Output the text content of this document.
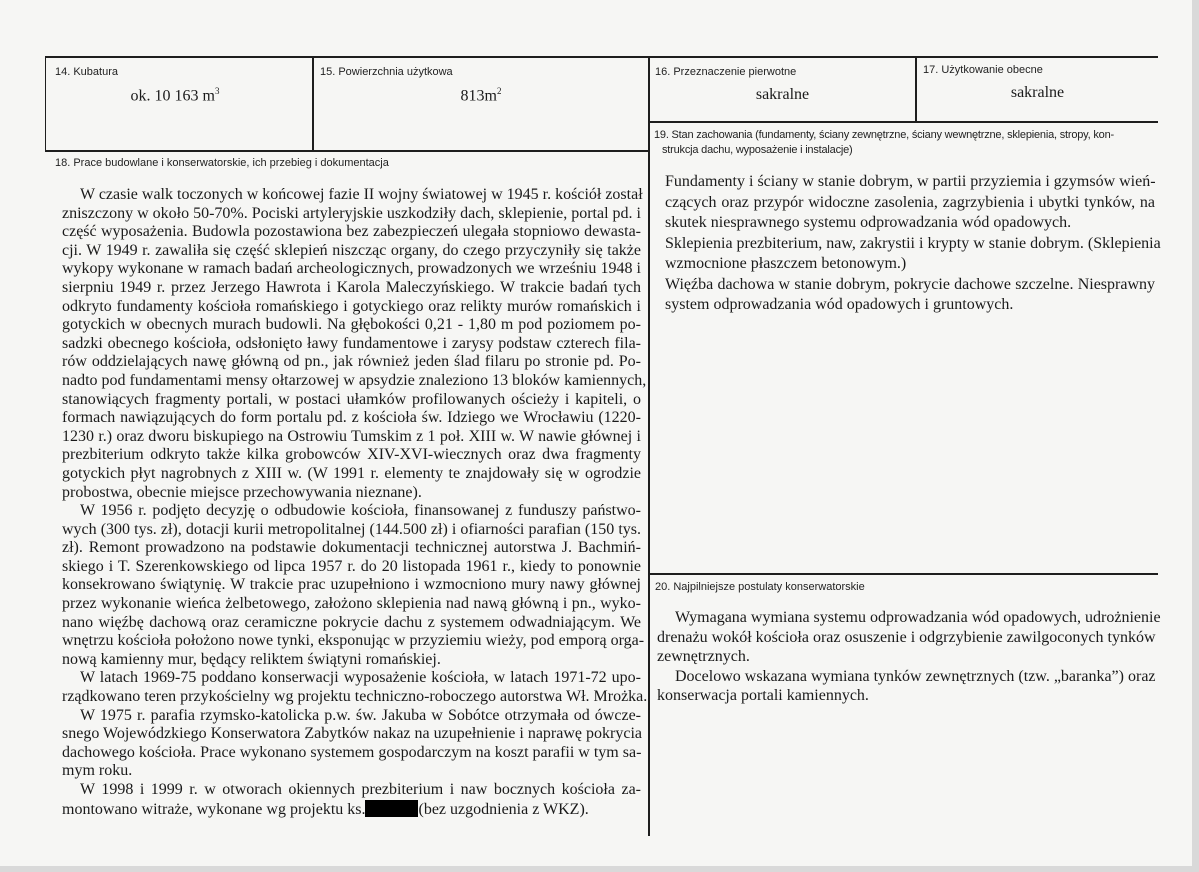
14. Kubatura
ok. 10 163 $m^3$
15. Powierzchnia użytkowa
$813m^2$
16. Przeznaczenie pierwotne
sakralne
17. Użytkowanie obecne
sakralne
18. Prace budowlane i konserwatorskie, ich przebieg i dokumentacja
W czasie walk toczonych w końcowej fazie II wojny światowej w 1945 r. kościół został
zniszczony w około 50-70%. Pociski artyleryjskie uszkodziły dach, sklepienie, portal pd. i
część wyposażenia. Budowla pozostawiona bez zabezpieczeń ulegała stopniowo dewasta-
cji. W 1949 r. zawaliła się część sklepień niszcząc organy, do czego przyczyniły się także
wykopy wykonane w ramach badań archeologicznych, prowadzonych we wrześniu 1948 i
sierpniu 1949 r. przez Jerzego Hawrota i Karola Maleczyńskiego. W trakcie badań tych
odkryto fundamenty kościoła romańskiego i gotyckiego oraz relikty murów romańskich i
gotyckich w obecnych murach budowli. Na głębokości 0,21 - 1,80 m pod poziomem po-
sadzki obecnego kościoła, odsłonięto ławy fundamentowe i zarysy podstaw czterech fila-
rów oddzielających nawę główną od pn., jak również jeden ślad filaru po stronie pd. Po-
nadto pod fundamentami mensy ołtarzowej w apsydzie znaleziono 13 bloków kamiennych,
stanowiących fragmenty portali, w postaci ułamków profilowanych ościeży i kapiteli, o
formach nawiązujących do form portalu pd. z kościoła św. Idziego we Wrocławiu (1220-
1230 r.) oraz dworu biskupiego na Ostrowiu Tumskim z 1 poł. XIII w. W nawie głównej i
prezbiterium odkryto także kilka grobowców XIV-XVI-wiecznych oraz dwa fragmenty
gotyckich płyt nagrobnych z XIII w. (W 1991 r. elementy te znajdowały się w ogrodzie
probostwa, obecnie miejsce przechowywania nieznane).
W 1956 r. podjęto decyzję o odbudowie kościoła, finansowanej z funduszy państwo-
wych (300 tys. zł), dotacji kurii metropolitalnej (144.500 zł) i ofiarności parafian (150 tys.
zł). Remont prowadzono na podstawie dokumentacji technicznej autorstwa J. Bachmiń-
skiego i T. Szerenkowskiego od lipca 1957 r. do 20 listopada 1961 r., kiedy to ponownie
konsekrowano świątynię. W trakcie prac uzupełniono i wzmocniono mury nawy głównej
przez wykonanie wieńca żelbetowego, założono sklepienia nad nawą główną i pn., wyko-
nano więźbę dachową oraz ceramiczne pokrycie dachu z systemem odwadniającym. We
wnętrzu kościoła położono nowe tynki, eksponując w przyziemiu wieży, pod emporą orga-
nową kamienny mur, będący reliktem świątyni romańskiej.
W latach 1969-75 poddano konserwacji wyposażenie kościoła, w latach 1971-72 upo-
rządkowano teren przykościelny wg projektu techniczno-roboczego autorstwa Wł. Mrożka.
W 1975 r. parafia rzymsko-katolicka p.w. św. Jakuba w Sobótce otrzymała od ówcze-
snego Wojewódzkiego Konserwatora Zabytków nakaz na uzupełnienie i naprawę pokrycia
dachowego kościoła. Prace wykonano systemem gospodarczym na koszt parafii w tym sa-
mym roku.
W 1998 i 1999 r. w otworach okiennych prezbiterium i naw bocznych kościoła za-
montowano witraże, wykonane wg projektu ks.	(bez uzgodnienia z WKZ).
19. Stan zachowania (fundamenty, ściany zewnętrzne, ściany wewnętrzne, sklepienia, stropy, kon-
strukcja dachu, wyposażenie i instalacje)
Fundamenty i ściany w stanie dobrym, w partii przyziemia i gzymsów wień-
czących oraz przypór widoczne zasolenia, zagrzybienia i ubytki tynków, na
skutek niesprawnego systemu odprowadzania wód opadowych.
Sklepienia prezbiterium, naw, zakrystii i krypty w stanie dobrym. (Sklepienia
wzmocnione płaszczem betonowym.)
Więźba dachowa w stanie dobrym, pokrycie dachowe szczelne. Niesprawny
system odprowadzania wód opadowych i gruntowych.
20. Najpilniejsze postulaty konserwatorskie
Wymagana wymiana systemu odprowadzania wód opadowych, udrożnienie
drenażu wokół kościoła oraz osuszenie i odgrzybienie zawilgoconych tynków
zewnętrznych.
Docelowo wskazana wymiana tynków zewnętrznych (tzw. „baranka”) oraz
konserwacja portali kamiennych.
